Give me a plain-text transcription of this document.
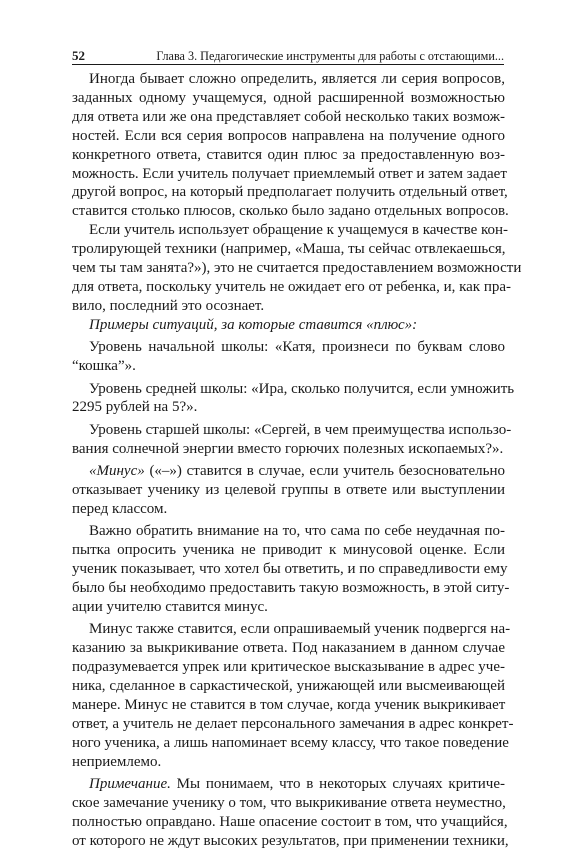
52	Глава 3. Педагогические инструменты для работы с отстающими...

Иногда бывает сложно определить, является ли серия вопросов,
заданных одному учащемуся, одной расширенной возможностью
для ответа или же она представляет собой несколько таких возмож-
ностей. Если вся серия вопросов направлена на получение одного
конкретного ответа, ставится один плюс за предоставленную воз-
можность. Если учитель получает приемлемый ответ и затем задает
другой вопрос, на который предполагает получить отдельный ответ,
ставится столько плюсов, сколько было задано отдельных вопросов.

Если учитель использует обращение к учащемуся в качестве кон-
тролирующей техники (например, «Маша, ты сейчас отвлекаешься,
чем ты там занята?»), это не считается предоставлением возможности
для ответа, поскольку учитель не ожидает его от ребенка, и, как пра-
вило, последний это осознает.

Примеры ситуаций, за которые ставится «плюс»:

Уровень начальной школы: «Катя, произнеси по буквам слово
“кошка”».

Уровень средней школы: «Ира, сколько получится, если умножить
2295 рублей на 5?».

Уровень старшей школы: «Сергей, в чем преимущества использо-
вания солнечной энергии вместо горючих полезных ископаемых?».

«Минус» («–») ставится в случае, если учитель безосновательно
отказывает ученику из целевой группы в ответе или выступлении
перед классом.

Важно обратить внимание на то, что сама по себе неудачная по-
пытка опросить ученика не приводит к минусовой оценке. Если
ученик показывает, что хотел бы ответить, и по справедливости ему
было бы необходимо предоставить такую возможность, в этой ситу-
ации учителю ставится минус.

Минус также ставится, если опрашиваемый ученик подвергся на-
казанию за выкрикивание ответа. Под наказанием в данном случае
подразумевается упрек или критическое высказывание в адрес уче-
ника, сделанное в саркастической, унижающей или высмеивающей
манере. Минус не ставится в том случае, когда ученик выкрикивает
ответ, а учитель не делает персонального замечания в адрес конкрет-
ного ученика, а лишь напоминает всему классу, что такое поведение
неприемлемо.

Примечание. Мы понимаем, что в некоторых случаях критиче-
ское замечание ученику о том, что выкрикивание ответа неуместно,
полностью оправдано. Наше опасение состоит в том, что учащийся,
от которого не ждут высоких результатов, при применении техники,
